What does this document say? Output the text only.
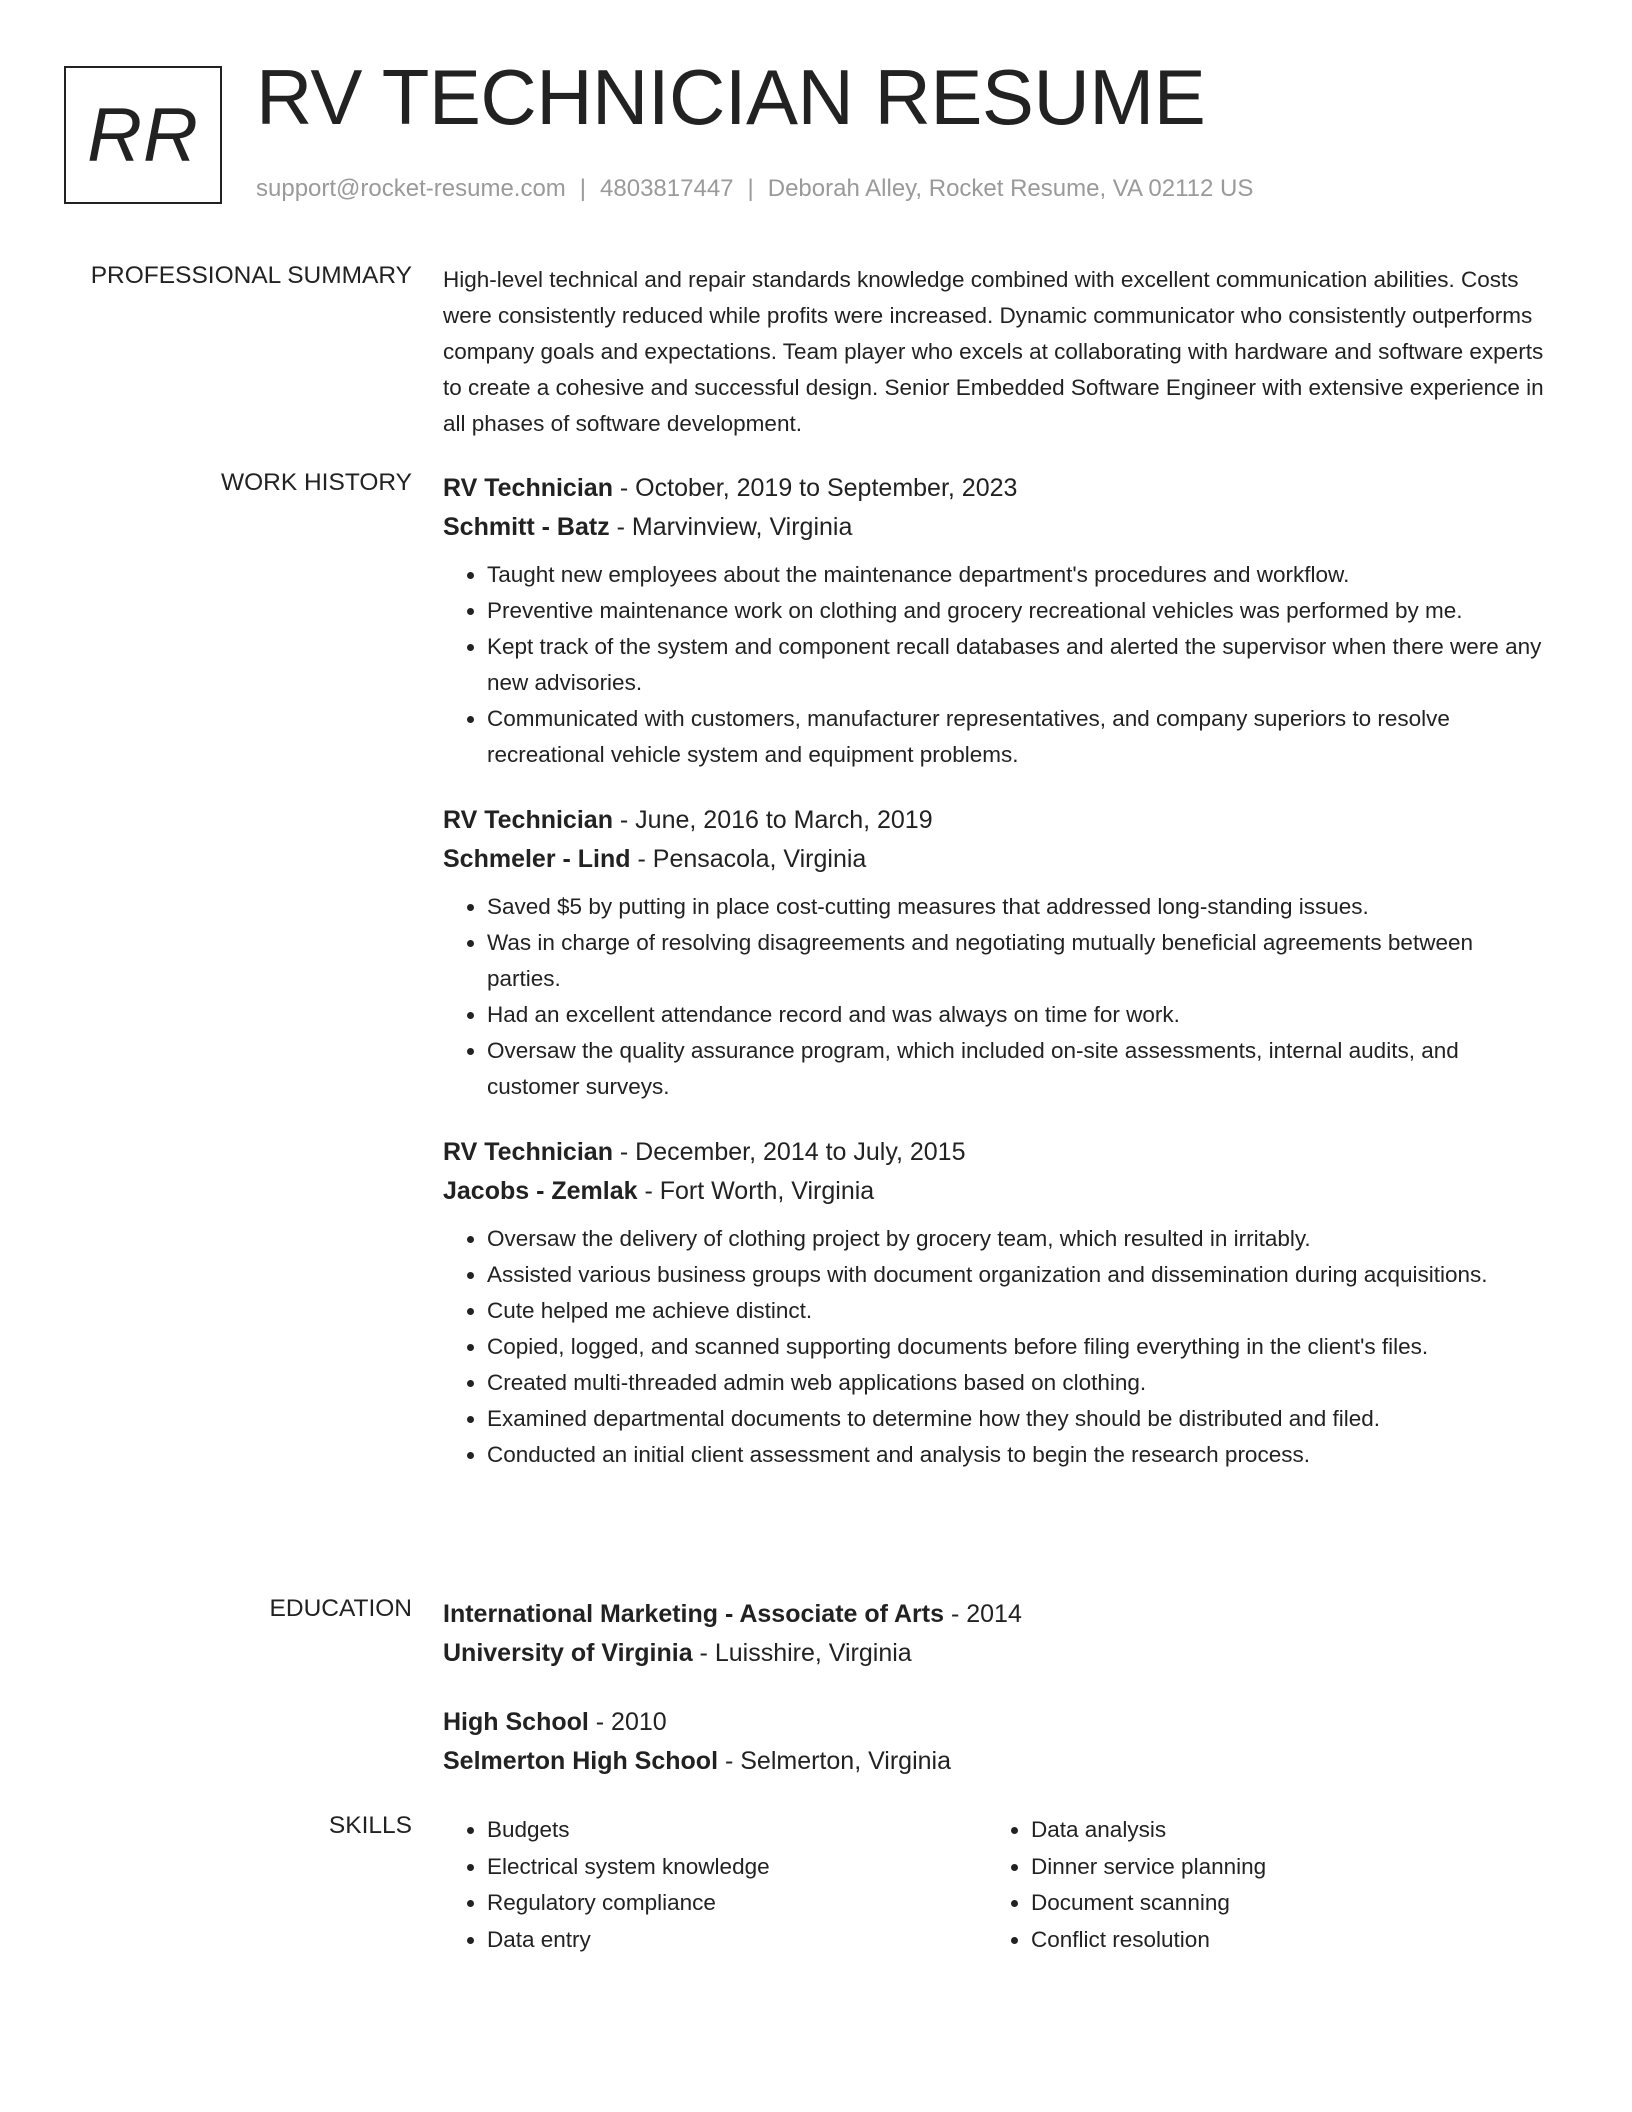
RR RV TECHNICIAN RESUME
support@rocket-resume.com | 4803817447 | Deborah Alley, Rocket Resume, VA 02112 US
PROFESSIONAL SUMMARY High-level technical and repair standards knowledge combined with excellent communication abilities. Costs were consistently reduced while profits were increased. Dynamic communicator who consistently outperforms company goals and expectations. Team player who excels at collaborating with hardware and software experts to create a cohesive and successful design. Senior Embedded Software Engineer with extensive experience in all phases of software development.

WORK HISTORY RV Technician - October, 2019 to September, 2023
Schmitt - Batz - Marvinview, Virginia
• Taught new employees about the maintenance department's procedures and workflow.
• Preventive maintenance work on clothing and grocery recreational vehicles was performed by me.
• Kept track of the system and component recall databases and alerted the supervisor when there were any new advisories.
• Communicated with customers, manufacturer representatives, and company superiors to resolve recreational vehicle system and equipment problems.
RV Technician - June, 2016 to March, 2019
Schmeler - Lind - Pensacola, Virginia
• Saved $5 by putting in place cost-cutting measures that addressed long-standing issues.
• Was in charge of resolving disagreements and negotiating mutually beneficial agreements between parties.
• Had an excellent attendance record and was always on time for work.
• Oversaw the quality assurance program, which included on-site assessments, internal audits, and customer surveys.
RV Technician - December, 2014 to July, 2015
Jacobs - Zemlak - Fort Worth, Virginia
• Oversaw the delivery of clothing project by grocery team, which resulted in irritably.
• Assisted various business groups with document organization and dissemination during acquisitions.
• Cute helped me achieve distinct.
• Copied, logged, and scanned supporting documents before filing everything in the client's files.
• Created multi-threaded admin web applications based on clothing.
• Examined departmental documents to determine how they should be distributed and filed.
• Conducted an initial client assessment and analysis to begin the research process.
EDUCATION International Marketing - Associate of Arts - 2014
University of Virginia - Luisshire, Virginia
High School - 2010
Selmerton High School - Selmerton, Virginia
SKILLS
•	Budgets
• Electrical system knowledge
• Regulatory compliance
• Data entry
• Data analysis
• Dinner service planning
• Document scanning
• Conflict resolution
